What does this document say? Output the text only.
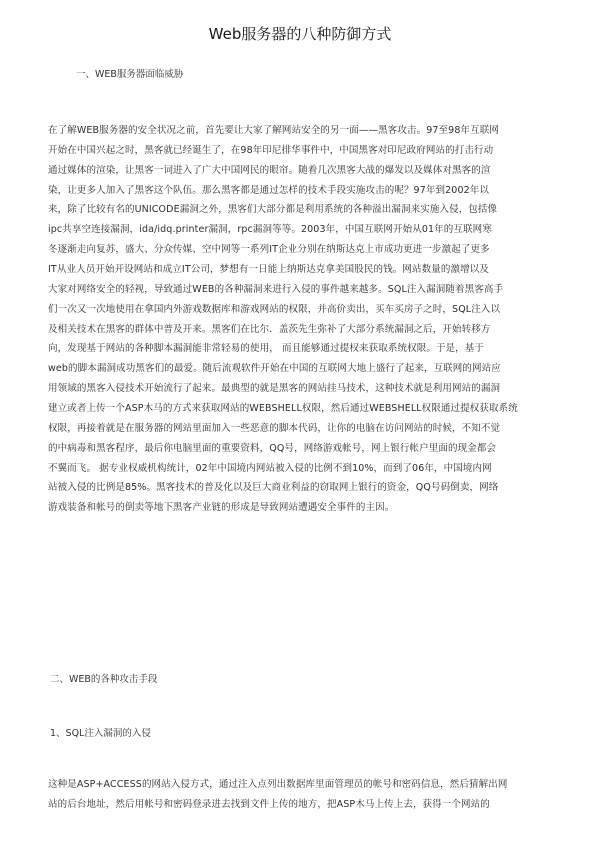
Web服务器的八种防御方式
一、WEB服务器面临威胁
在了解WEB服务器的安全状况之前，首先要让大家了解网站安全的另一面——黑客攻击。97至98年互联网
开始在中国兴起之时，黑客就已经诞生了，在98年印尼排华事件中，中国黑客对印尼政府网站的打击行动
通过媒体的渲染，让黑客一词进入了广大中国网民的眼帘。随着几次黑客大战的爆发以及媒体对黑客的渲
染，让更多人加入了黑客这个队伍。那么黑客都是通过怎样的技术手段实施攻击的呢？97年到2002年以
来，除了比较有名的UNICODE漏洞之外，黑客们大部分都是利用系统的各种溢出漏洞来实施入侵，包括像
ipc共享空连接漏洞，ida/idq.printer漏洞，rpc漏洞等等。2003年，中国互联网开始从01年的互联网寒
冬逐渐走向复苏，盛大、分众传媒、空中网等一系列IT企业分别在纳斯达克上市成功更进一步激起了更多
IT从业人员开始开设网站和成立IT公司，梦想有一日能上纳斯达克拿美国股民的钱。网站数量的激增以及
大家对网络安全的轻视，导致通过WEB的各种漏洞来进行入侵的事件越来越多。SQL注入漏洞随着黑客高手
们一次又一次地使用在拿国内外游戏数据库和游戏网站的权限，并高价卖出，买车买房子之时，SQL注入以
及相关技术在黑客的群体中普及开来。黑客们在比尔．盖茨先生弥补了大部分系统漏洞之后，开始转移方
向，发现基于网站的各种脚本漏洞能非常轻易的使用， 而且能够通过提权来获取系统权限。于是，基于
web的脚本漏洞成功黑客们的最爱。随后流观软件开始在中国的互联网大地上盛行了起来，互联网的网站应
用领域的黑客入侵技术开始流行了起来。最典型的就是黑客的网站挂马技术，这种技术就是利用网站的漏洞
建立或者上传一个ASP木马的方式来获取网站的WEBSHELL权限，然后通过WEBSHELL权限通过提权获取系统
权限，再接着就是在服务器的网站里面加入一些恶意的脚本代码，让你的电脑在访问网站的时候，不知不觉
的中病毒和黑客程序，最后你电脑里面的重要资料，QQ号，网络游戏帐号，网上银行帐户里面的现金都会
不翼而飞。 据专业权威机构统计，02年中国境内网站被入侵的比例不到10%，而到了06年，中国境内网
站被入侵的比例是85%。黑客技术的普及化以及巨大商业利益的窃取网上银行的资金，QQ号码倒卖，网络
游戏装备和帐号的倒卖等地下黑客产业链的形成是导致网站遭遇安全事件的主因。
二、WEB的各种攻击手段
1、SQL注入漏洞的入侵
这种是ASP+ACCESS的网站入侵方式，通过注入点列出数据库里面管理员的帐号和密码信息，然后猜解出网
站的后台地址，然后用帐号和密码登录进去找到文件上传的地方，把ASP木马上传上去，获得一个网站的
